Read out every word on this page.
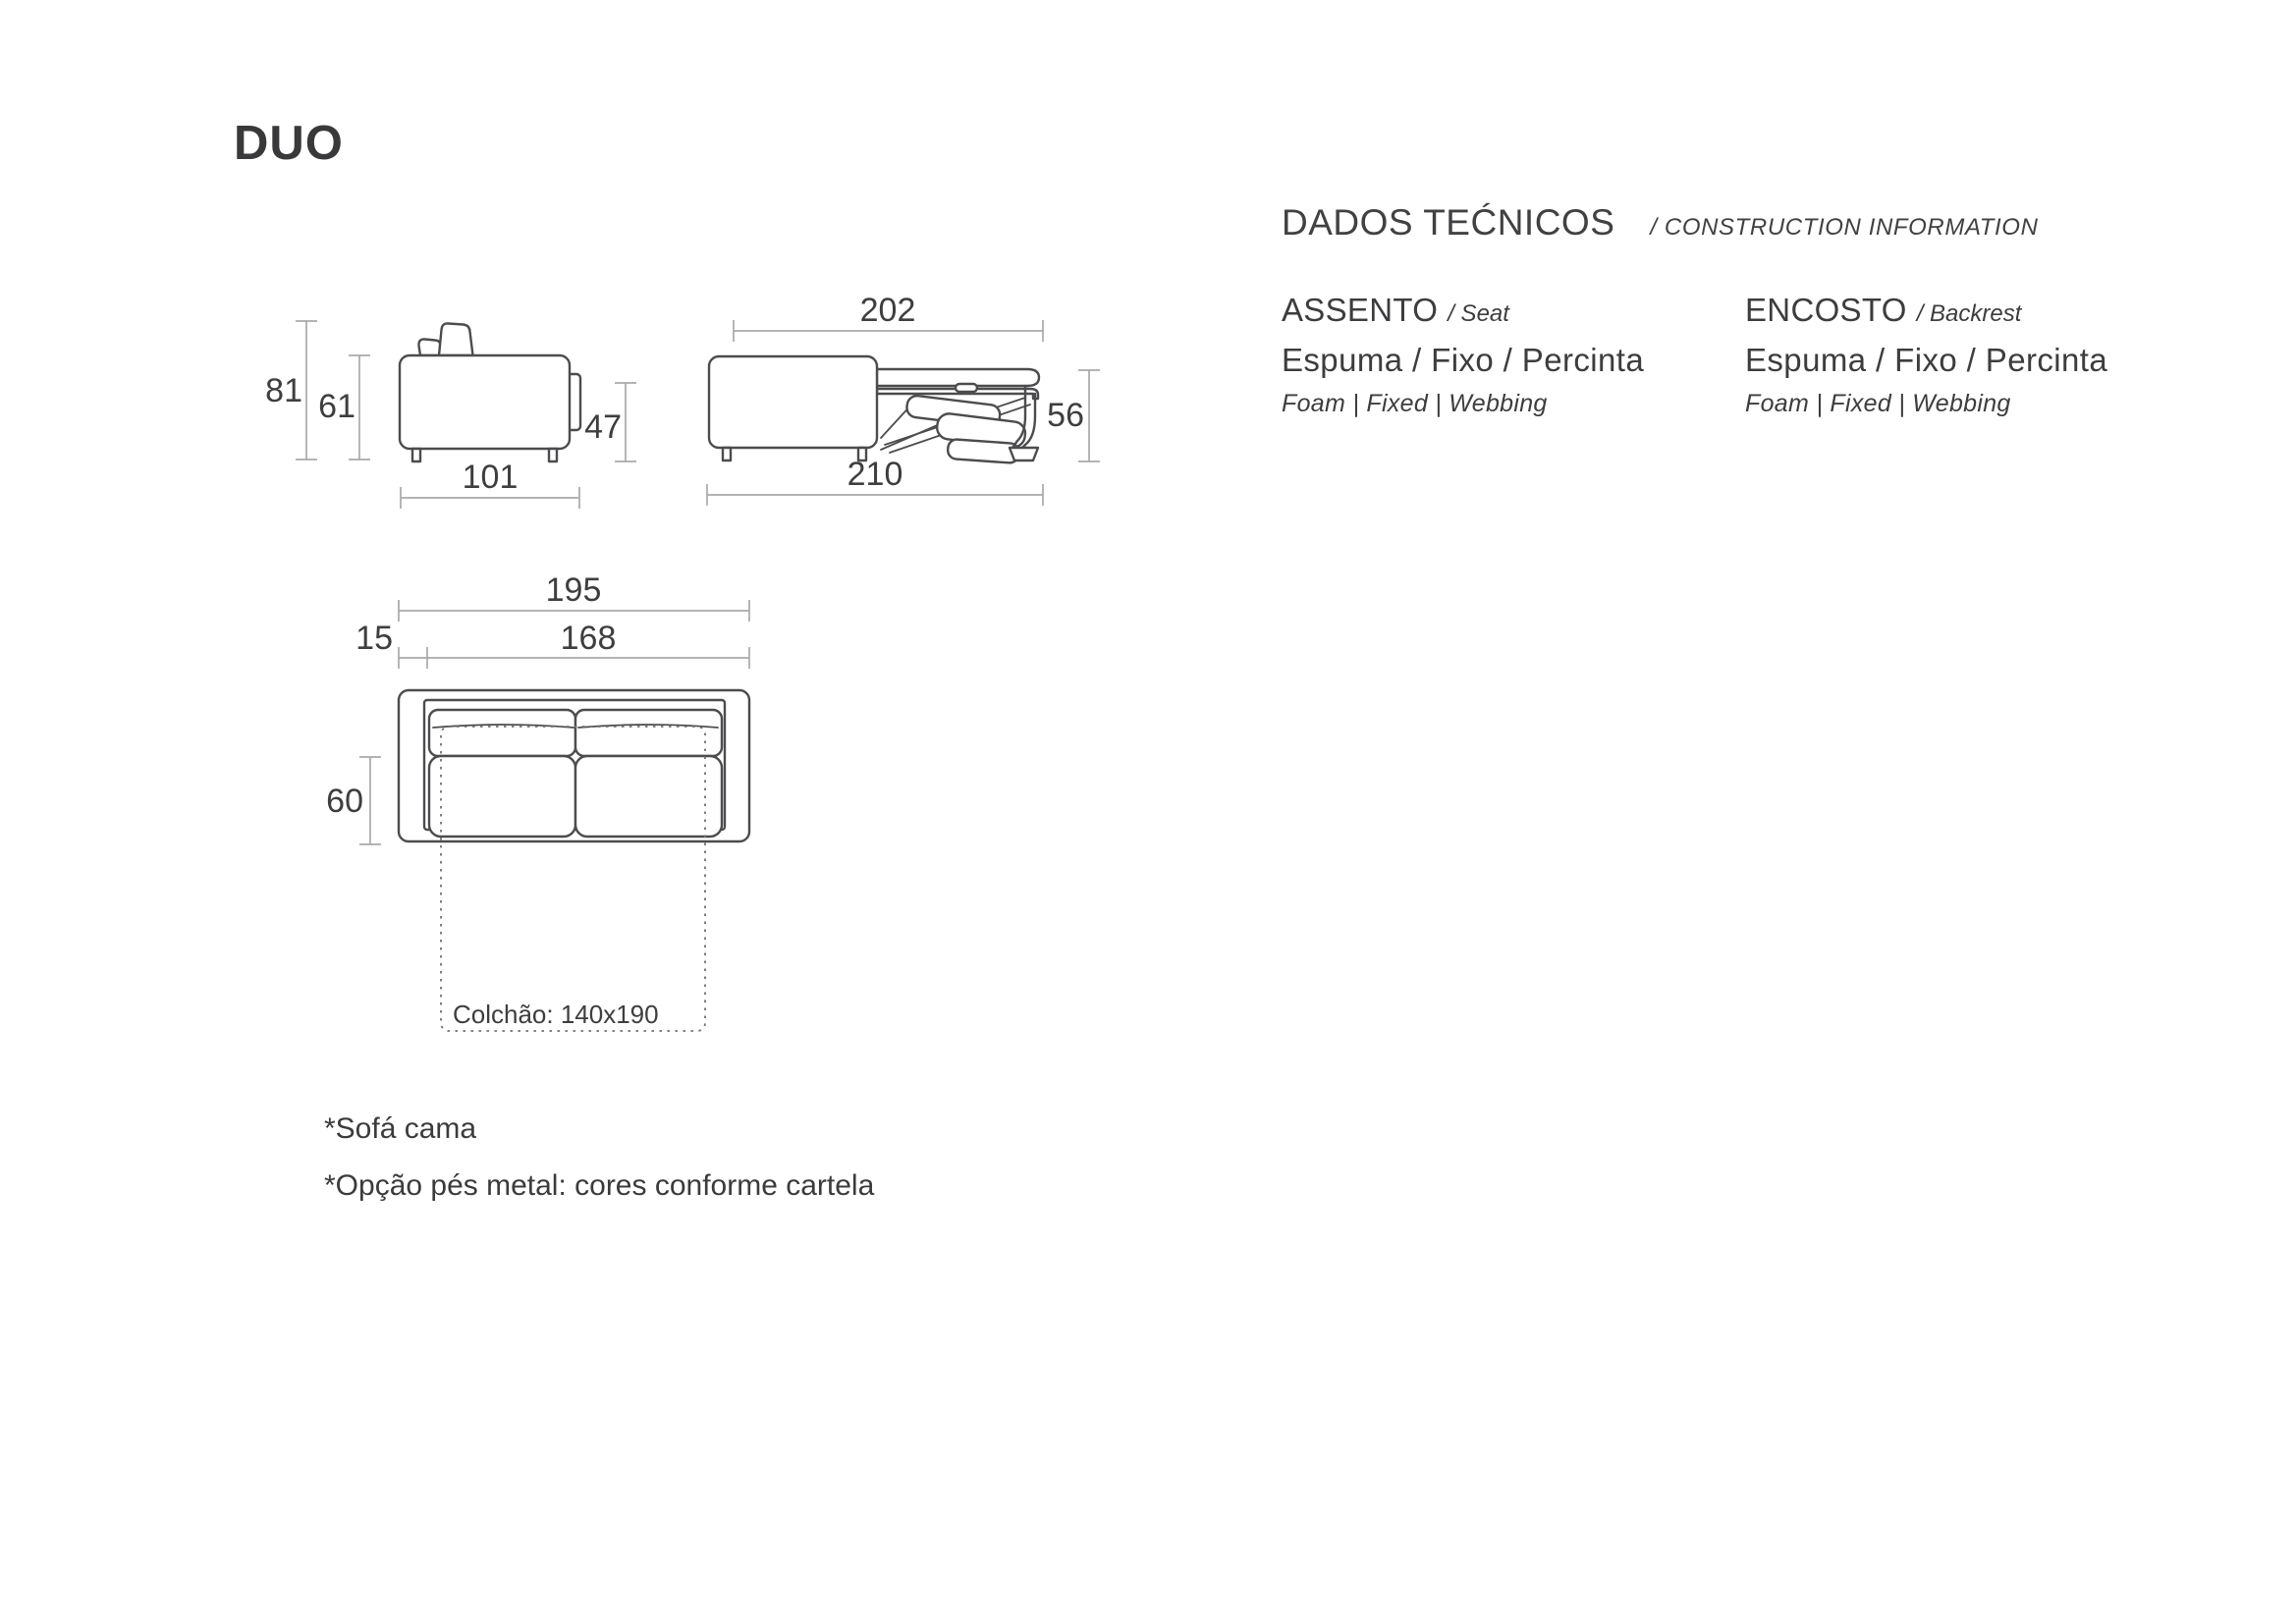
DUO
DADOS TEĆNICOS / CONSTRUCTION INFORMATION
ASSENTO / Seat
Espuma / Fixo / Percinta
Foam | Fixed | Webbing
ENCOSTO / Backrest
Espuma / Fixo / Percinta
Foam | Fixed | Webbing
81 61
47
101
202
56
210
195
15	168
Colchão: 140x190
60
*Sofá cama
*Opção pés metal: cores conforme cartela
